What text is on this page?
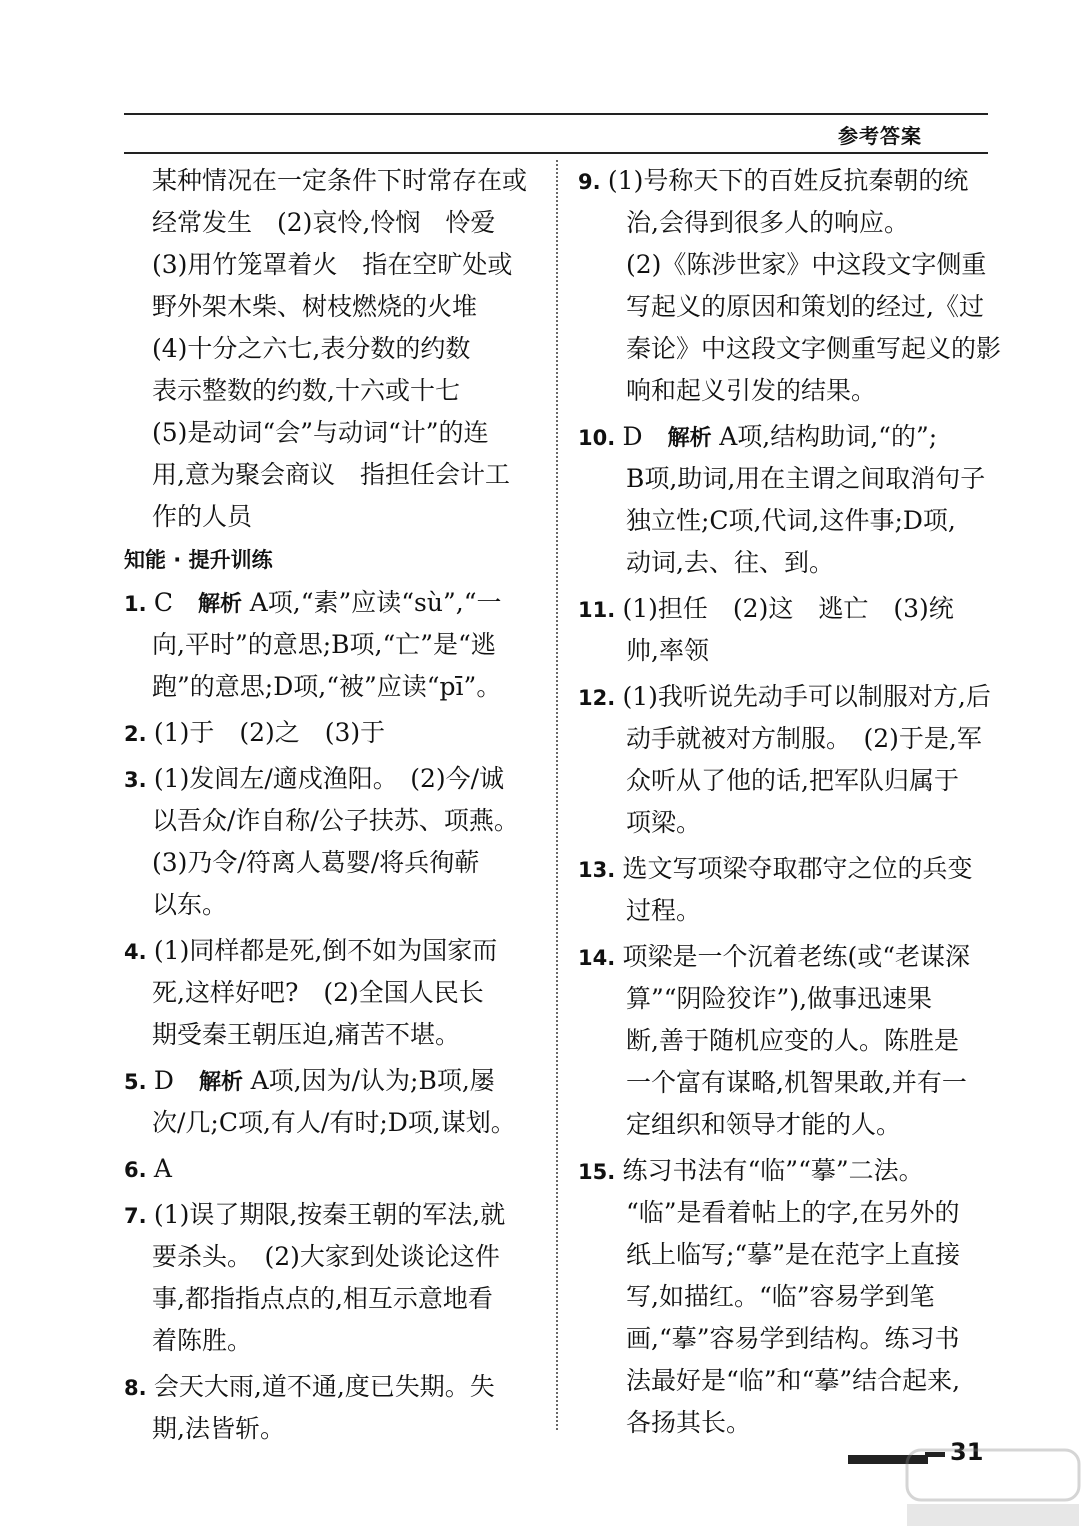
参考答案
某种情况在一定条件下时常存在或
经常发生　(2)哀怜,怜悯　怜爱
(3)用竹笼罩着火　指在空旷处或
野外架木柴、树枝燃烧的火堆
(4)十分之六七,表分数的约数
表示整数的约数,十六或十七
(5)是动词“会”与动词“计”的连
用,意为聚会商议　指担任会计工
作的人员
知能 · 提升训练
1. C　解析 A项,“素”应读“sù”,“一
向,平时”的意思;B项,“亡”是“逃
跑”的意思;D项,“被”应读“pī”。
2. (1)于　(2)之　(3)于
3. (1)发闾左/適戍渔阳。　(2)今/诚
以吾众/诈自称/公子扶苏、项燕。
(3)乃令/符离人葛婴/将兵徇蕲
以东。
4. (1)同样都是死,倒不如为国家而
死,这样好吧?　(2)全国人民长
期受秦王朝压迫,痛苦不堪。
5. D　解析 A项,因为/认为;B项,屡
次/几;C项,有人/有时;D项,谋划。
6. A　
7. (1)误了期限,按秦王朝的军法,就
要杀头。　(2)大家到处谈论这件
事,都指指点点的,相互示意地看
着陈胜。
8. 会天大雨,道不通,度已失期。失
期,法皆斩。
9. (1)号称天下的百姓反抗秦朝的统
治,会得到很多人的响应。
(2)《陈涉世家》中这段文字侧重
写起义的原因和策划的经过,《过
秦论》中这段文字侧重写起义的影
响和起义引发的结果。
10. D　解析 A项,结构助词,“的”;
B项,助词,用在主谓之间取消句子
独立性;C项,代词,这件事;D项,
动词,去、往、到。
11. (1)担任　(2)这　逃亡　(3)统
帅,率领
12. (1)我听说先动手可以制服对方,后
动手就被对方制服。　(2)于是,军
众听从了他的话,把军队归属于
项梁。
13. 选文写项梁夺取郡守之位的兵变
过程。
14. 项梁是一个沉着老练(或“老谋深
算”“阴险狡诈”),做事迅速果
断,善于随机应变的人。陈胜是
一个富有谋略,机智果敢,并有一
定组织和领导才能的人。
15. 练习书法有“临”“摹”二法。
“临”是看着帖上的字,在另外的
纸上临写;“摹”是在范字上直接
写,如描红。“临”容易学到笔
画,“摹”容易学到结构。练习书
法最好是“临”和“摹”结合起来,
各扬其长。
31
